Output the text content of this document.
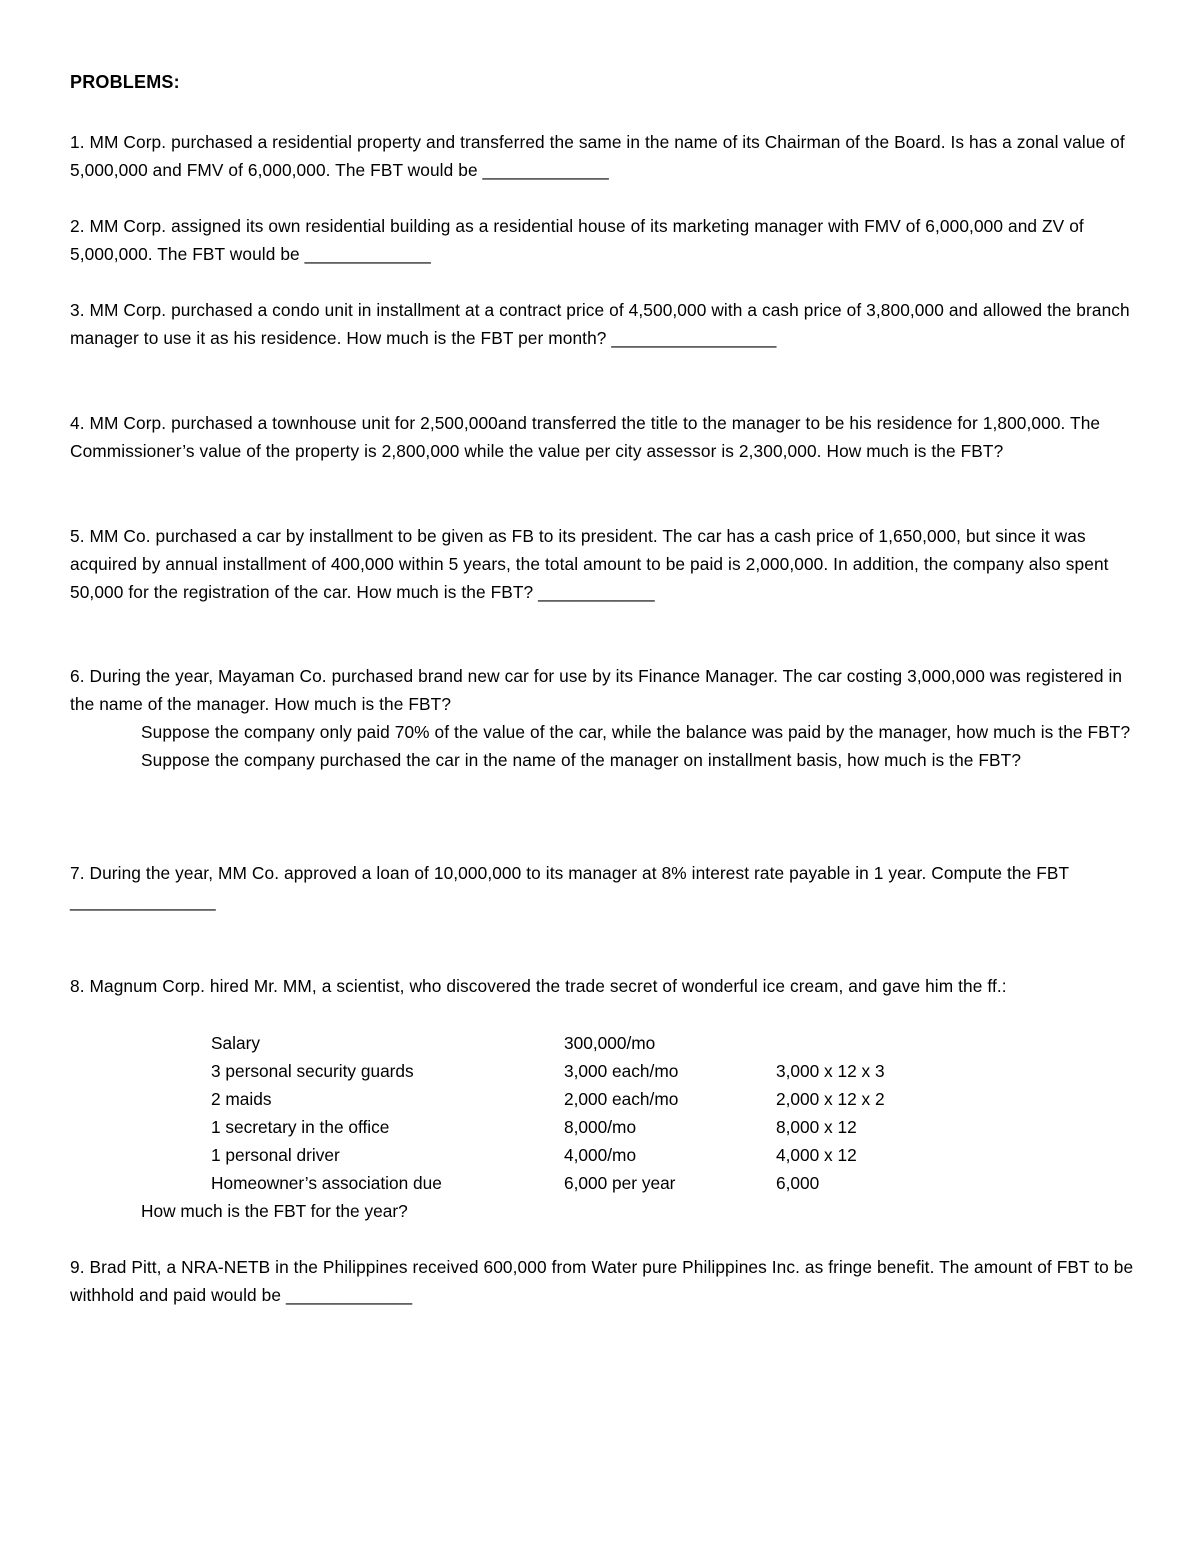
PROBLEMS:

1. MM Corp. purchased a residential property and transferred the same in the name of its Chairman of the Board. Is has a zonal value of 5,000,000 and FMV of 6,000,000. The FBT would be _____________

2. MM Corp. assigned its own residential building as a residential house of its marketing manager with FMV of 6,000,000 and ZV of 5,000,000. The FBT would be _____________

3. MM Corp. purchased a condo unit in installment at a contract price of 4,500,000 with a cash price of 3,800,000 and allowed the branch manager to use it as his residence. How much is the FBT per month? _________________

4. MM Corp. purchased a townhouse unit for 2,500,000and transferred the title to the manager to be his residence for 1,800,000. The Commissioner’s value of the property is 2,800,000 while the value per city assessor is 2,300,000. How much is the FBT?

5. MM Co. purchased a car by installment to be given as FB to its president. The car has a cash price of 1,650,000, but since it was acquired by annual installment of 400,000 within 5 years, the total amount to be paid is 2,000,000. In addition, the company also spent 50,000 for the registration of the car. How much is the FBT? ____________

6. During the year, Mayaman Co. purchased brand new car for use by its Finance Manager. The car costing 3,000,000 was registered in the name of the manager. How much is the FBT?

Suppose the company only paid 70% of the value of the car, while the balance was paid by the manager, how much is the FBT?

Suppose the company purchased the car in the name of the manager on installment basis, how much is the FBT?

7. During the year, MM Co. approved a loan of 10,000,000 to its manager at 8% interest rate payable in 1 year. Compute the FBT _______________

8. Magnum Corp. hired Mr. MM, a scientist, who discovered the trade secret of wonderful ice cream, and gave him the ff.:

Salary	300,000/mo
3 personal security guards	3,000 each/mo	3,000 x 12 x 3
2 maids	2,000 each/mo	2,000 x 12 x 2
1 secretary in the office	8,000/mo	8,000 x 12
1 personal driver	4,000/mo	4,000 x 12
Homeowner’s association due	6,000 per year	6,000
How much is the FBT for the year?

9. Brad Pitt, a NRA-NETB in the Philippines received 600,000 from Water pure Philippines Inc. as fringe benefit. The amount of FBT to be withhold and paid would be _____________
